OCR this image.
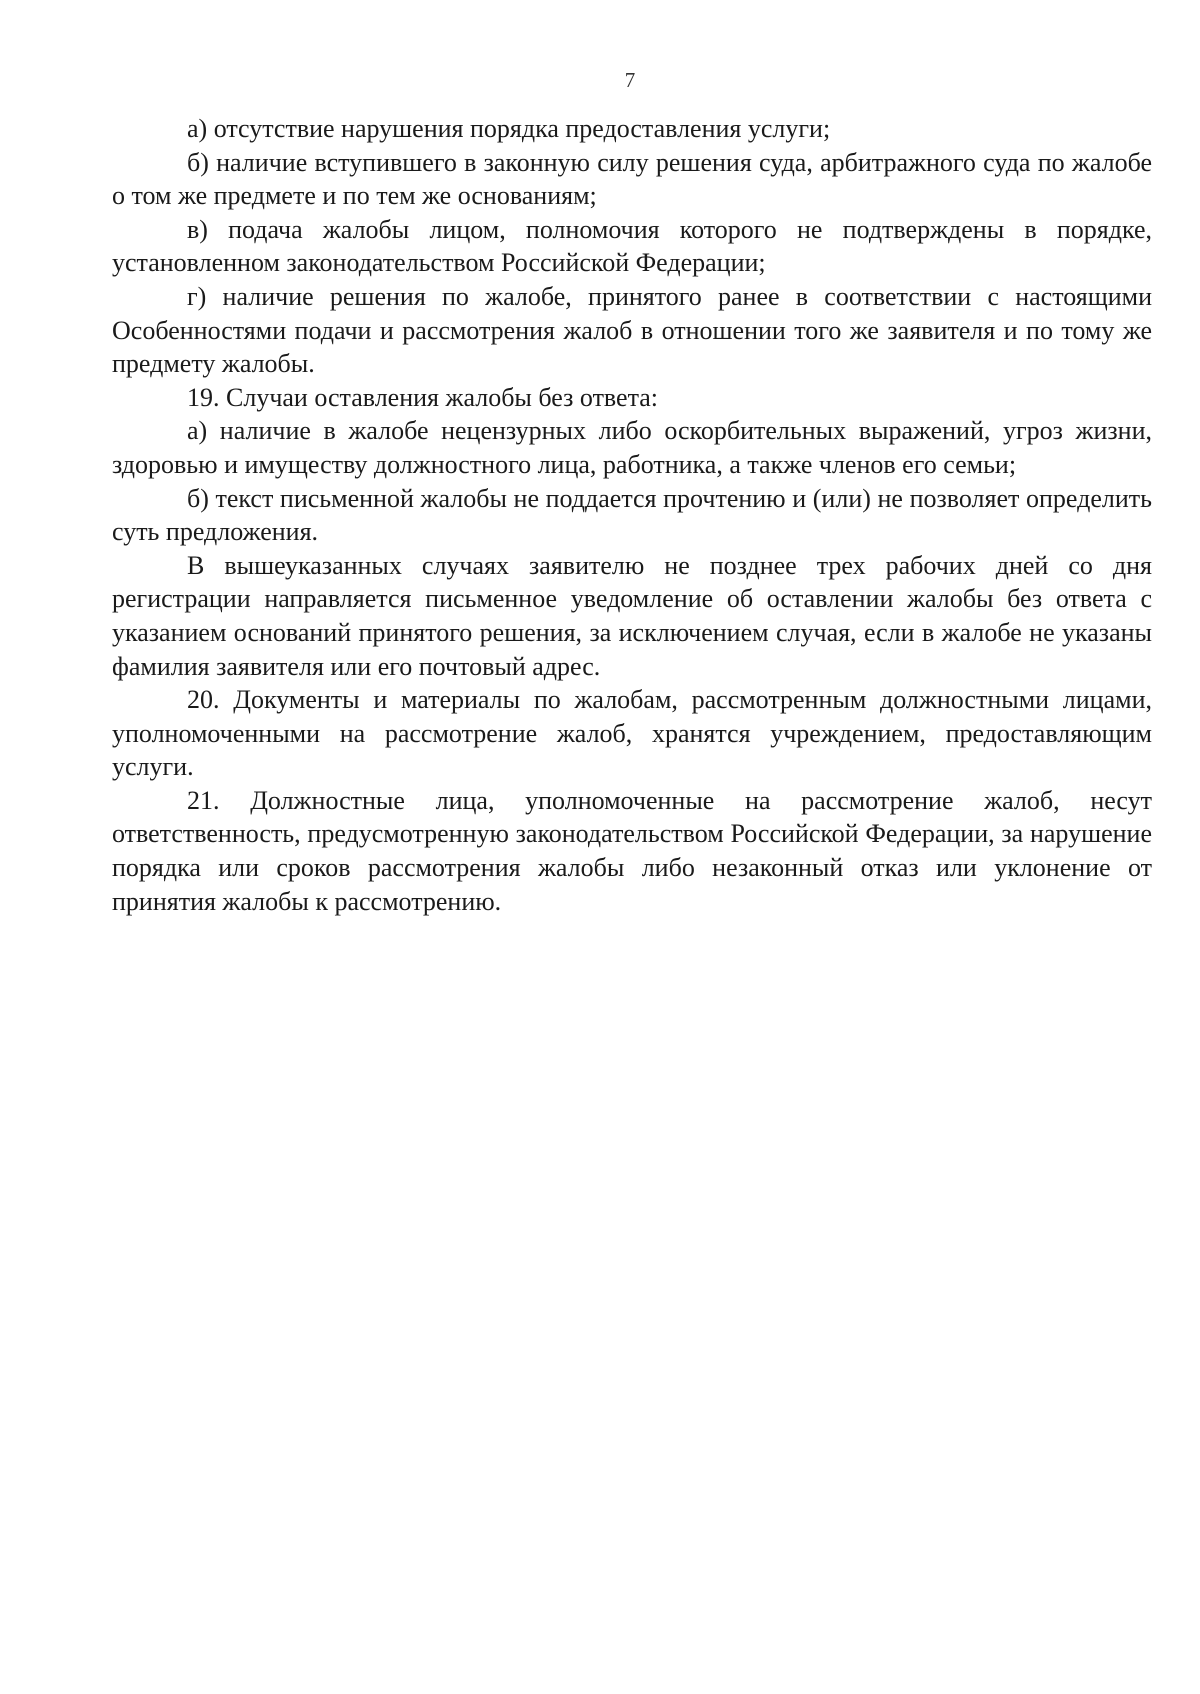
7

а) отсутствие нарушения порядка предоставления услуги;

б) наличие вступившего в законную силу решения суда, арбитражного суда по жалобе о том же предмете и по тем же основаниям;

в) подача жалобы лицом, полномочия которого не подтверждены в порядке, установленном законодательством Российской Федерации;

г) наличие решения по жалобе, принятого ранее в соответствии с настоящими Особенностями подачи и рассмотрения жалоб в отношении того же заявителя и по тому же предмету жалобы.

19. Случаи оставления жалобы без ответа:

а) наличие в жалобе нецензурных либо оскорбительных выражений, угроз жизни, здоровью и имуществу должностного лица, работника, а также членов его семьи;

б) текст письменной жалобы не поддается прочтению и (или) не позволяет определить суть предложения.

В вышеуказанных случаях заявителю не позднее трех рабочих дней со дня регистрации направляется письменное уведомление об оставлении жалобы без ответа с указанием оснований принятого решения, за исключением случая, если в жалобе не указаны фамилия заявителя или его почтовый адрес.

20. Документы и материалы по жалобам, рассмотренным должностными лицами, уполномоченными на рассмотрение жалоб, хранятся учреждением, предоставляющим услуги.

21. Должностные лица, уполномоченные на рассмотрение жалоб, несут ответственность, предусмотренную законодательством Российской Федерации, за нарушение порядка или сроков рассмотрения жалобы либо незаконный отказ или уклонение от принятия жалобы к рассмотрению.
